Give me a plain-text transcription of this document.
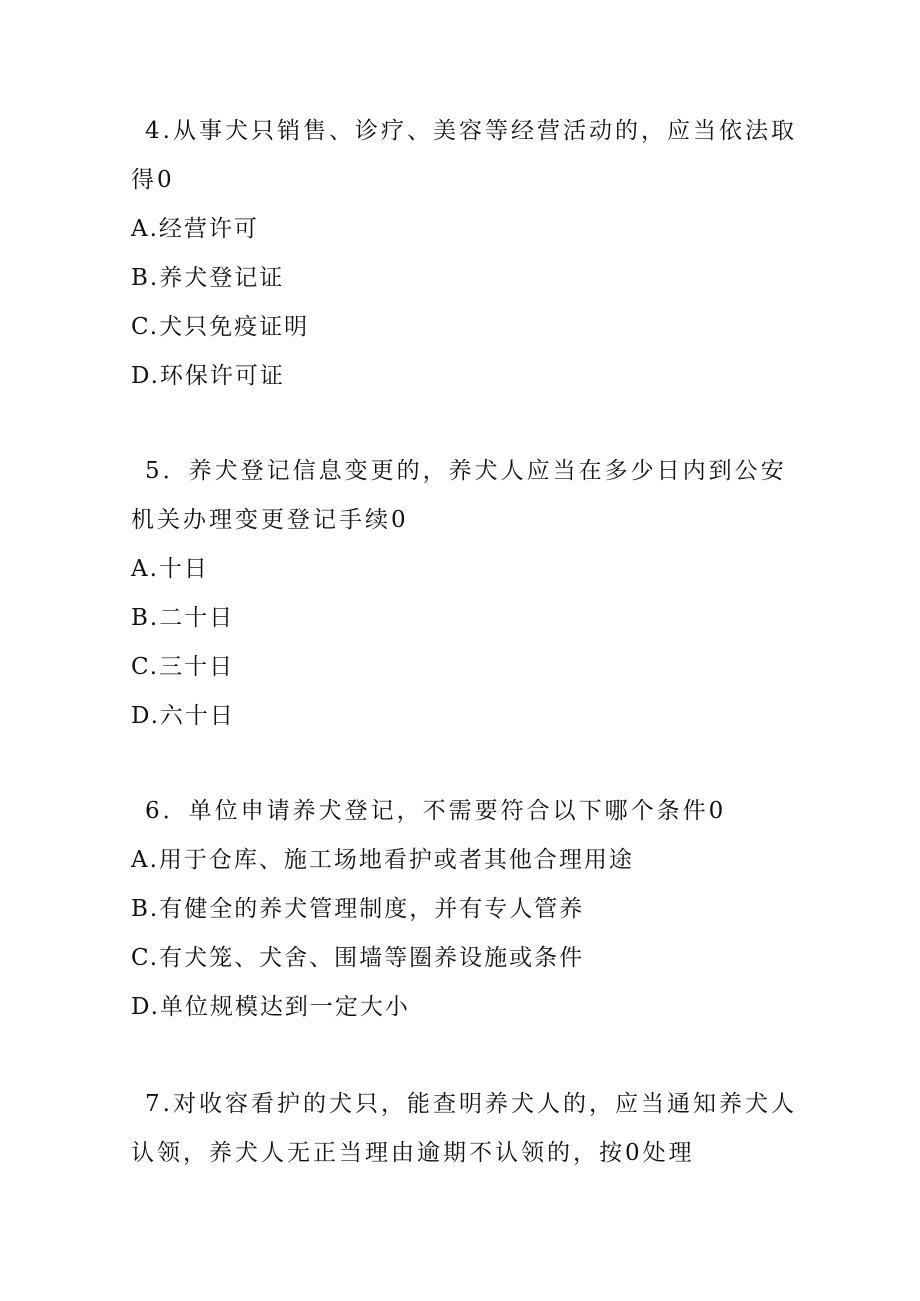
4.从事犬只销售、诊疗、美容等经营活动的，应当依法取得0

A.经营许可

B.养犬登记证

C.犬只免疫证明

D.环保许可证

5．养犬登记信息变更的，养犬人应当在多少日内到公安机关办理变更登记手续0

A.十日

B.二十日

C.三十日

D.六十日

6．单位申请养犬登记，不需要符合以下哪个条件0

A.用于仓库、施工场地看护或者其他合理用途

B.有健全的养犬管理制度，并有专人管养

C.有犬笼、犬舍、围墙等圈养设施或条件

D.单位规模达到一定大小

7.对收容看护的犬只，能查明养犬人的，应当通知养犬人认领，养犬人无正当理由逾期不认领的，按0处理
